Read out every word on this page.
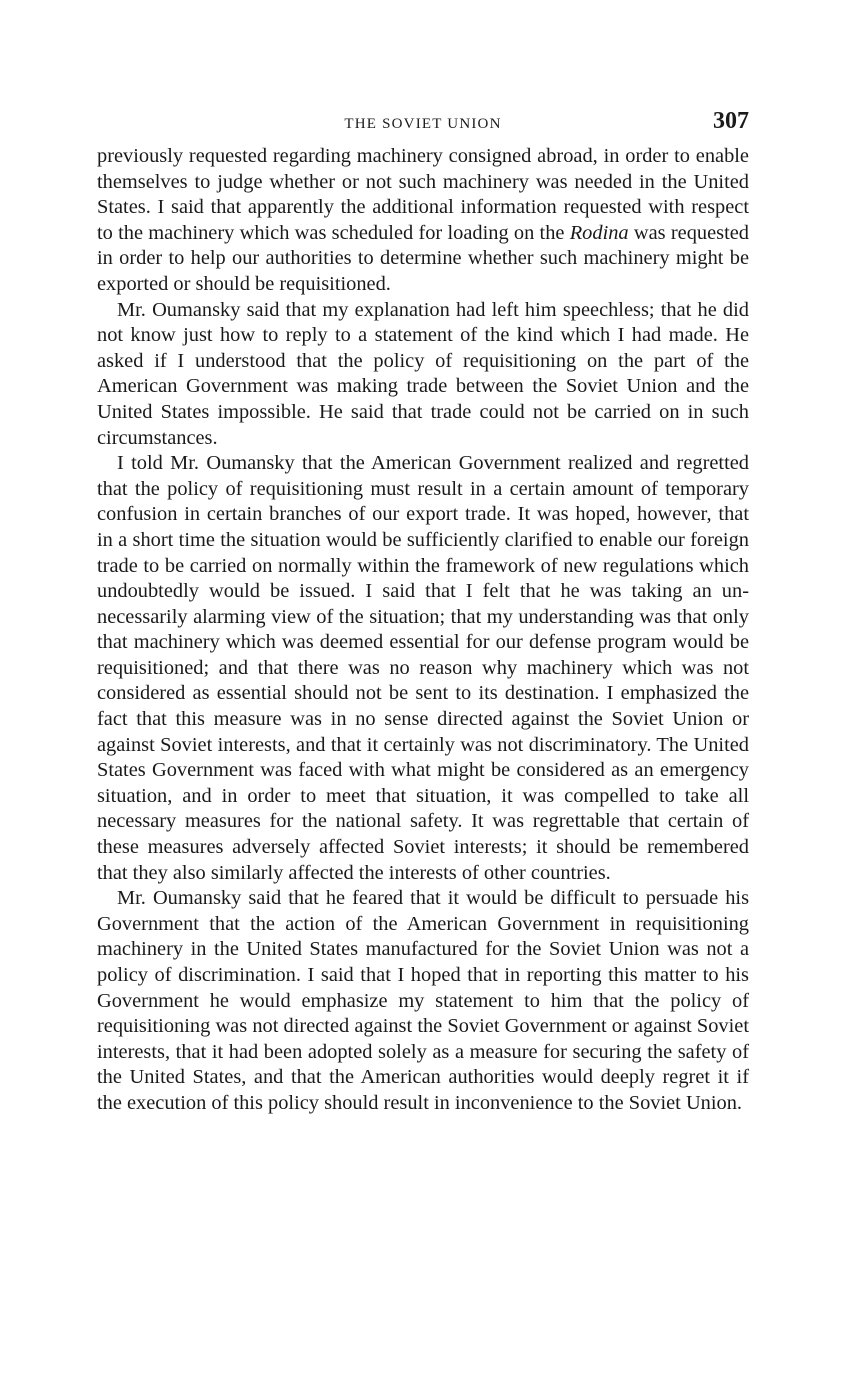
THE SOVIET UNION	307

previously requested regarding machinery consigned abroad, in order to enable themselves to judge whether or not such machinery was needed in the United States. I said that apparently the additional information requested with respect to the machinery which was scheduled for loading on the Rodina was requested in order to help our authorities to determine whether such machinery might be exported or should be requisitioned.

Mr. Oumansky said that my explanation had left him speechless; that he did not know just how to reply to a statement of the kind which I had made. He asked if I understood that the policy of requisitioning on the part of the American Government was making trade between the Soviet Union and the United States impossible. He said that trade could not be carried on in such circumstances.

I told Mr. Oumansky that the American Government realized and regretted that the policy of requisitioning must result in a certain amount of temporary confusion in certain branches of our export trade. It was hoped, however, that in a short time the situation would be sufficiently clarified to enable our foreign trade to be carried on normally within the framework of new regulations which undoubtedly would be issued. I said that I felt that he was taking an unnecessarily alarming view of the situation; that my understanding was that only that machinery which was deemed essential for our defense program would be requisitioned; and that there was no reason why machinery which was not considered as essential should not be sent to its destination. I emphasized the fact that this measure was in no sense directed against the Soviet Union or against Soviet interests, and that it certainly was not discriminatory. The United States Government was faced with what might be considered as an emergency situation, and in order to meet that situation, it was compelled to take all necessary measures for the national safety. It was regrettable that certain of these measures adversely affected Soviet interests; it should be remembered that they also similarly affected the interests of other countries.

Mr. Oumansky said that he feared that it would be difficult to persuade his Government that the action of the American Government in requisitioning machinery in the United States manufactured for the Soviet Union was not a policy of discrimination. I said that I hoped that in reporting this matter to his Government he would emphasize my statement to him that the policy of requisitioning was not directed against the Soviet Government or against Soviet interests, that it had been adopted solely as a measure for securing the safety of the United States, and that the American authorities would deeply regret it if the execution of this policy should result in inconvenience to the Soviet Union.
